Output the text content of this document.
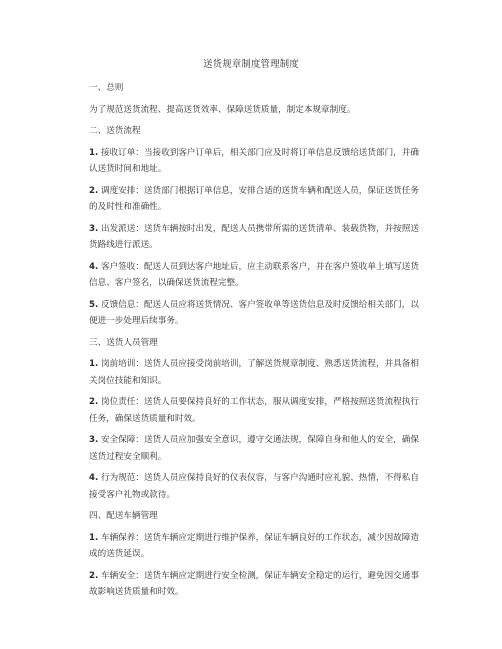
送货规章制度管理制度
一、总则
为了规范送货流程、提高送货效率、保障送货质量，制定本规章制度。
二、送货流程
1. 接收订单：当接收到客户订单后，相关部门应及时将订单信息反馈给送货部门，并确认送货时间和地址。
2. 调度安排：送货部门根据订单信息，安排合适的送货车辆和配送人员，保证送货任务的及时性和准确性。
3. 出发派送：送货车辆按时出发，配送人员携带所需的送货清单、装载货物，并按照送货路线进行派送。
4. 客户签收：配送人员到达客户地址后，应主动联系客户，并在客户签收单上填写送货信息、客户签名，以确保送货流程完整。
5. 反馈信息：配送人员应将送货情况、客户签收单等送货信息及时反馈给相关部门，以便进一步处理后续事务。
三、送货人员管理
1. 岗前培训：送货人员应接受岗前培训，了解送货规章制度、熟悉送货流程，并具备相关岗位技能和知识。
2. 岗位责任：送货人员要保持良好的工作状态，服从调度安排，严格按照送货流程执行任务，确保送货质量和时效。
3. 安全保障：送货人员应加强安全意识，遵守交通法规，保障自身和他人的安全，确保送货过程安全顺利。
4. 行为规范：送货人员应保持良好的仪表仪容，与客户沟通时应礼貌、热情，不得私自接受客户礼物或款待。
四、配送车辆管理
1. 车辆保养：送货车辆应定期进行维护保养，保证车辆良好的工作状态，减少因故障造成的送货延误。
2. 车辆安全：送货车辆应定期进行安全检测，保证车辆安全稳定的运行，避免因交通事故影响送货质量和时效。
